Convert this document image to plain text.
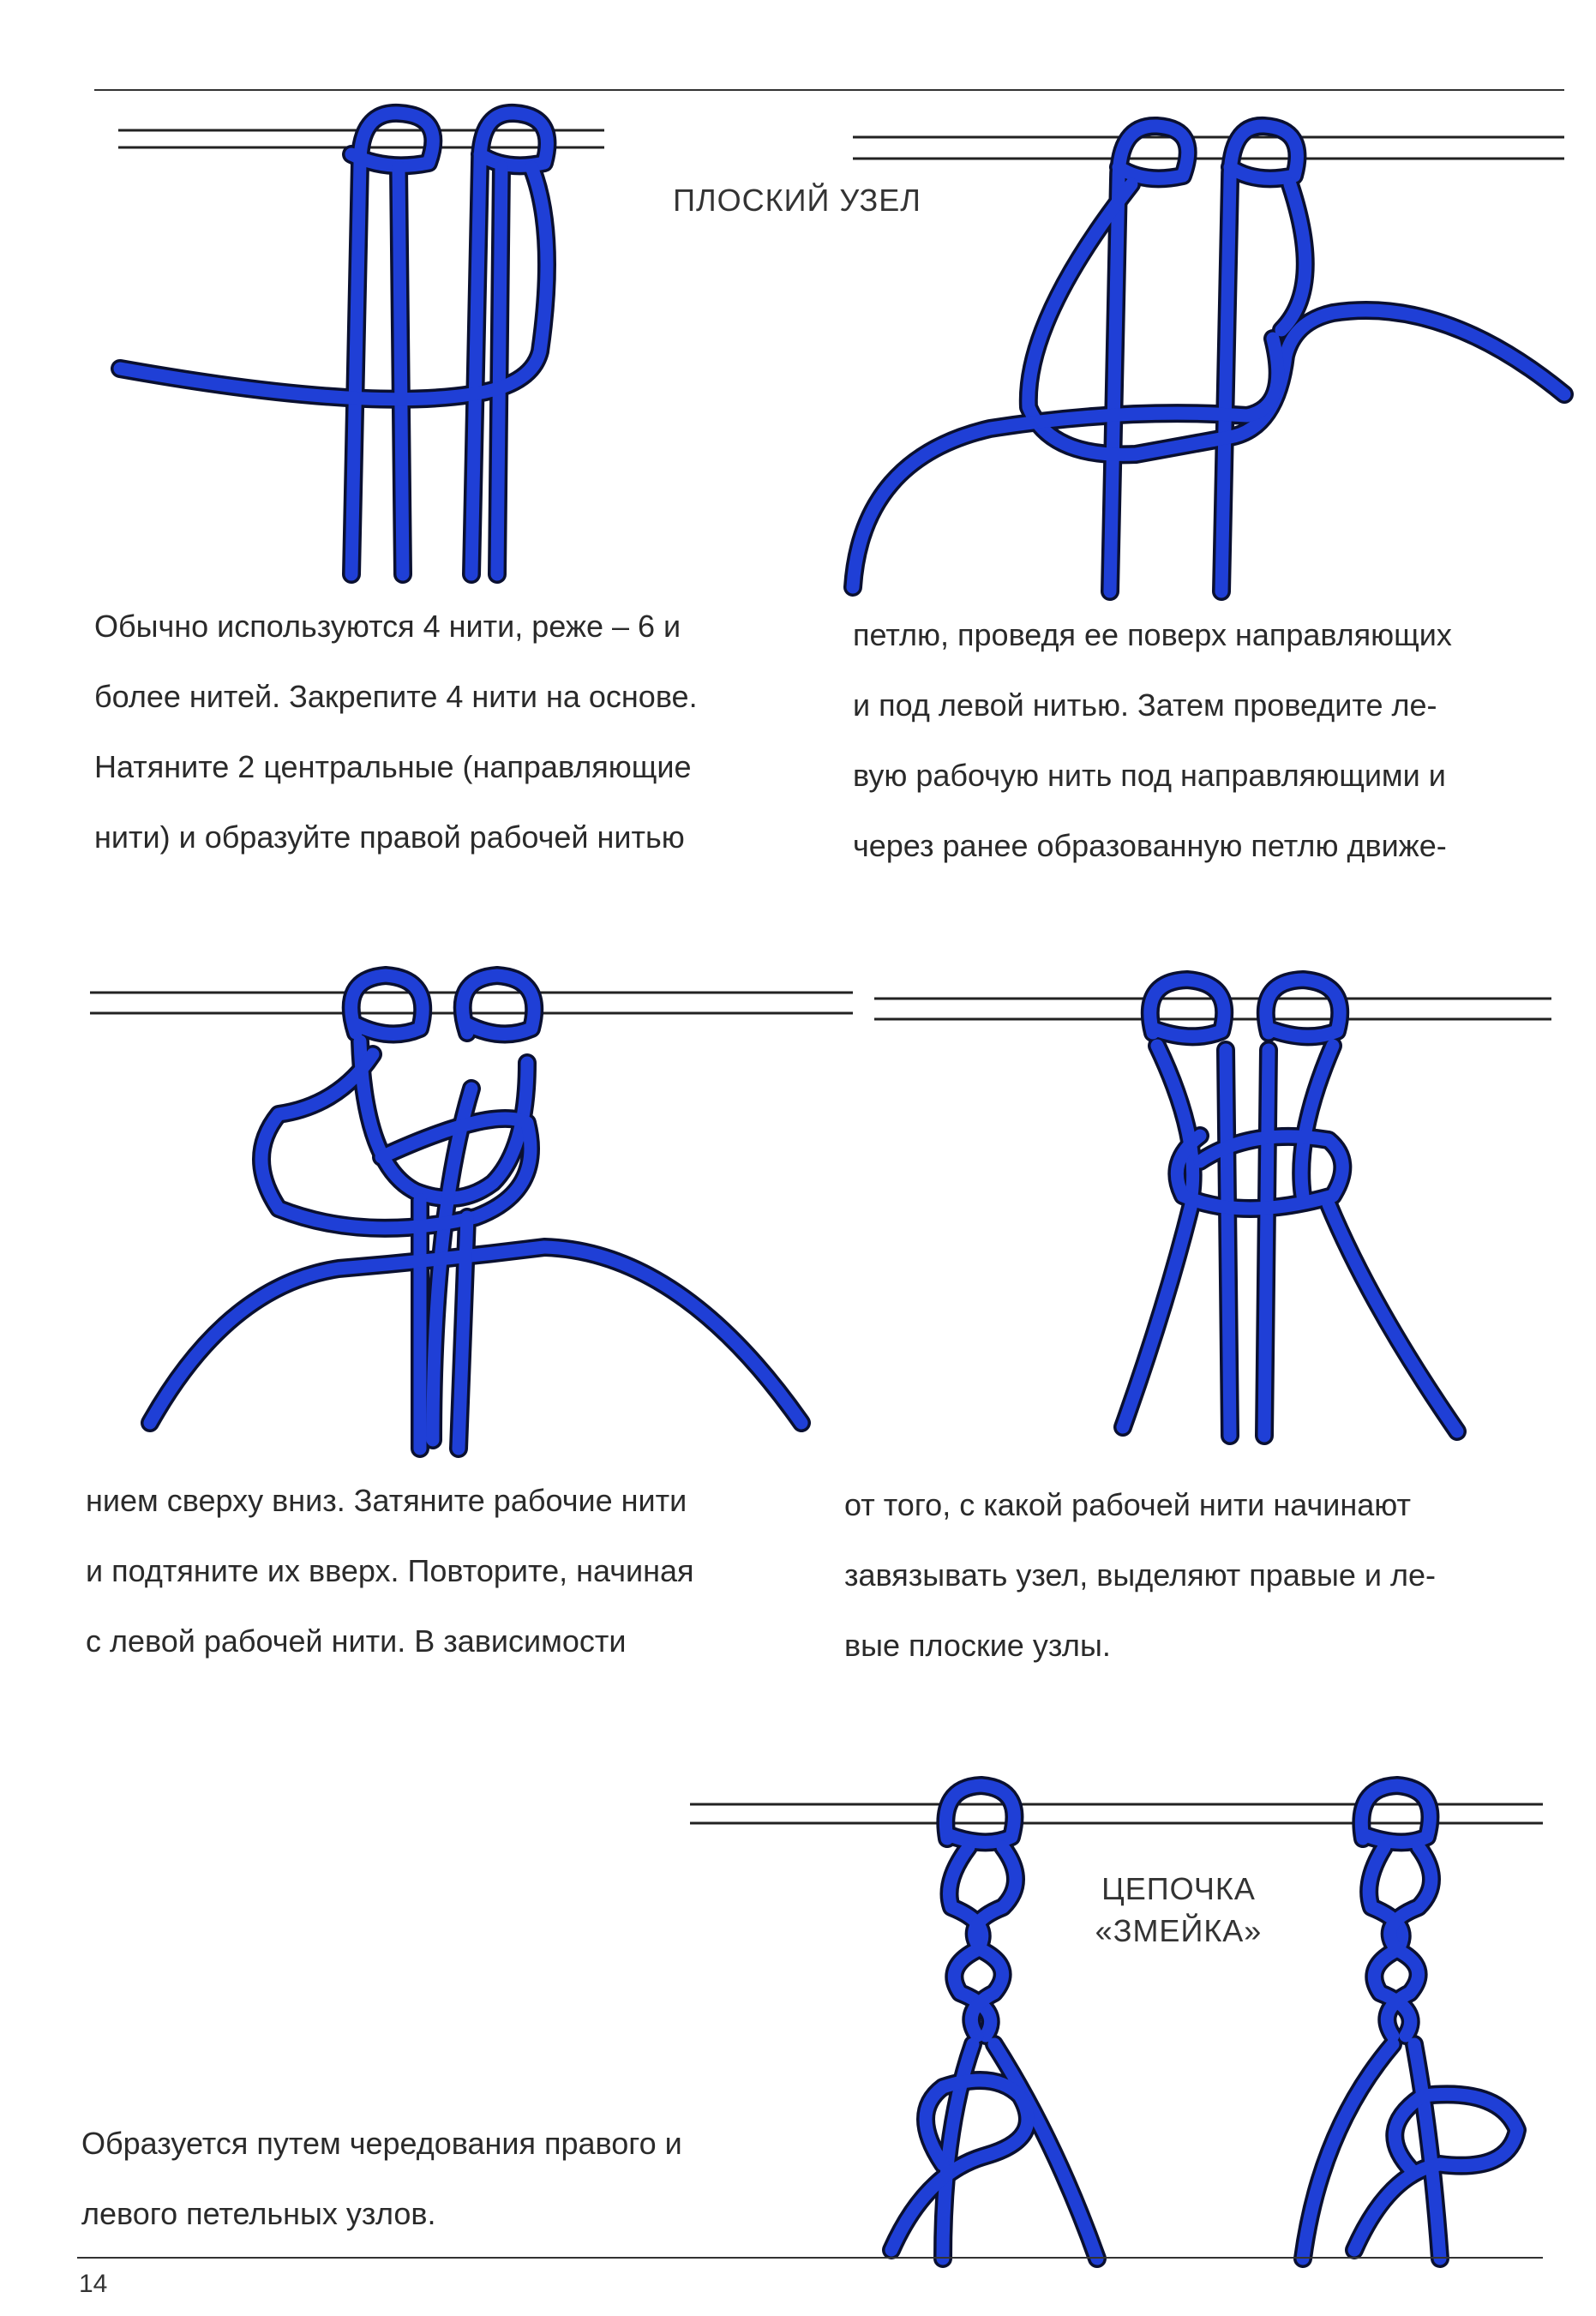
ПЛОСКИЙ УЗЕЛ
Обычно используются 4 нити, реже – 6 и
более нитей. Закрепите 4 нити на основе.
Натяните 2 центральные (направляющие
нити) и образуйте правой рабочей нитью
петлю, проведя ее поверх направляющих
и под левой нитью. Затем проведите ле-
вую рабочую нить под направляющими и
через ранее образованную петлю движе-
нием сверху вниз. Затяните рабочие нити
и подтяните их вверх. Повторите, начиная
с левой рабочей нити. В зависимости
от того, с какой рабочей нити начинают
завязывать узел, выделяют правые и ле-
вые плоские узлы.
ЦЕПОЧКА
«ЗМЕЙКА»
Образуется путем чередования правого и
левого петельных узлов.
14
